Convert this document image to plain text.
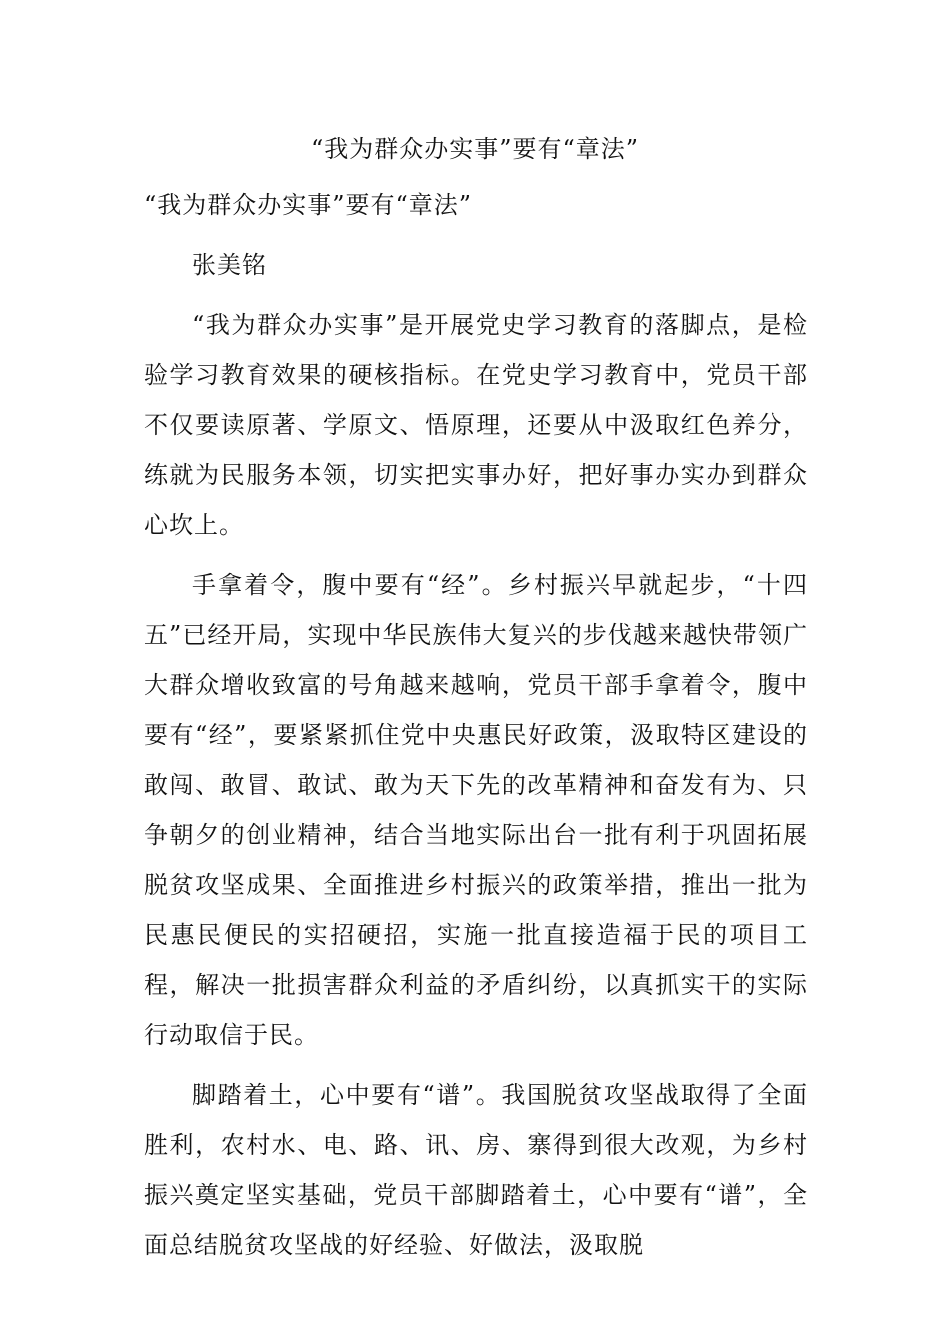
“我为群众办实事”要有“章法”

“我为群众办实事”要有“章法”

张美铭

“我为群众办实事”是开展党史学习教育的落脚点，是检验学习教育效果的硬核指标。在党史学习教育中，党员干部不仅要读原著、学原文、悟原理，还要从中汲取红色养分，练就为民服务本领，切实把实事办好，把好事办实办到群众心坎上。

手拿着令，腹中要有“经”。乡村振兴早就起步，“十四五”已经开局，实现中华民族伟大复兴的步伐越来越快带领广大群众增收致富的号角越来越响，党员干部手拿着令，腹中要有“经”，要紧紧抓住党中央惠民好政策，汲取特区建设的敢闯、敢冒、敢试、敢为天下先的改革精神和奋发有为、只争朝夕的创业精神，结合当地实际出台一批有利于巩固拓展脱贫攻坚成果、全面推进乡村振兴的政策举措，推出一批为民惠民便民的实招硬招，实施一批直接造福于民的项目工程，解决一批损害群众利益的矛盾纠纷，以真抓实干的实际行动取信于民。

脚踏着土，心中要有“谱”。我国脱贫攻坚战取得了全面胜利，农村水、电、路、讯、房、寨得到很大改观，为乡村振兴奠定坚实基础，党员干部脚踏着土，心中要有“谱”，全面总结脱贫攻坚战的好经验、好做法，汲取脱
